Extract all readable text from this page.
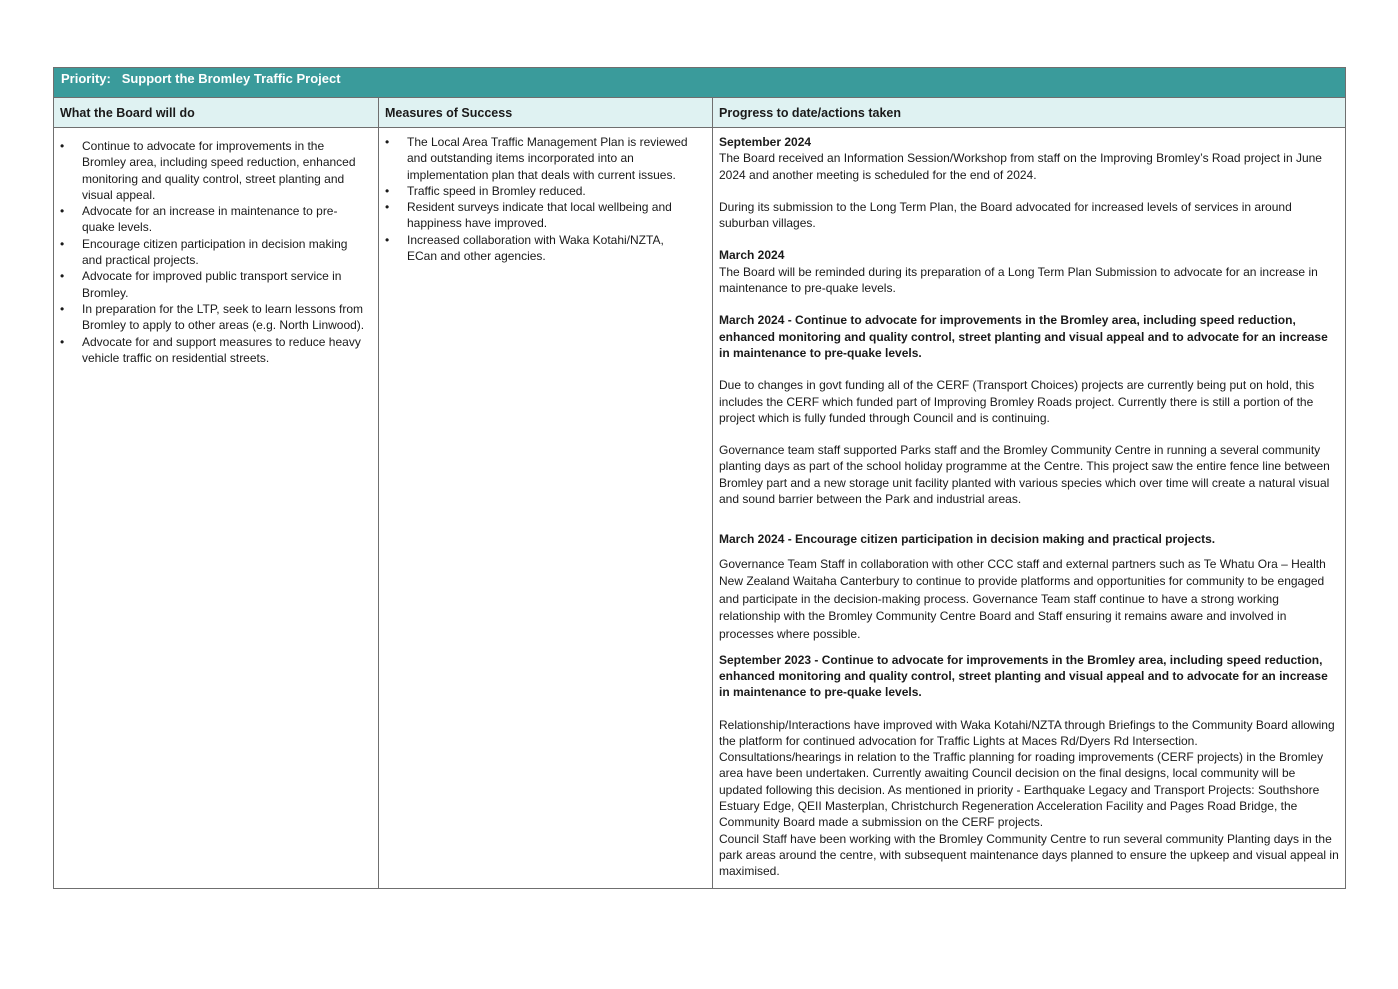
Priority: Support the Bromley Traffic Project
What the Board will do	Measures of Success	Progress to date/actions taken
• Continue to advocate for improvements in the Bromley area, including speed reduction, enhanced monitoring and quality control, street planting and visual appeal.
• Advocate for an increase in maintenance to pre-quake levels.
• Encourage citizen participation in decision making and practical projects.
• Advocate for improved public transport service in Bromley.
• In preparation for the LTP, seek to learn lessons from Bromley to apply to other areas (e.g. North Linwood).
• Advocate for and support measures to reduce heavy vehicle traffic on residential streets.
• The Local Area Traffic Management Plan is reviewed and outstanding items incorporated into an implementation plan that deals with current issues.
• Traffic speed in Bromley reduced.
• Resident surveys indicate that local wellbeing and happiness have improved.
• Increased collaboration with Waka Kotahi/NZTA, ECan and other agencies.

September 2024
The Board received an Information Session/Workshop from staff on the Improving Bromley’s Road project in June 2024 and another meeting is scheduled for the end of 2024.

During its submission to the Long Term Plan, the Board advocated for increased levels of services in around suburban villages.

March 2024
The Board will be reminded during its preparation of a Long Term Plan Submission to advocate for an increase in maintenance to pre-quake levels.

March 2024 - Continue to advocate for improvements in the Bromley area, including speed reduction, enhanced monitoring and quality control, street planting and visual appeal and to advocate for an increase in maintenance to pre-quake levels.

Due to changes in govt funding all of the CERF (Transport Choices) projects are currently being put on hold, this includes the CERF which funded part of Improving Bromley Roads project. Currently there is still a portion of the project which is fully funded through Council and is continuing.

Governance team staff supported Parks staff and the Bromley Community Centre in running a several community planting days as part of the school holiday programme at the Centre. This project saw the entire fence line between Bromley part and a new storage unit facility planted with various species which over time will create a natural visual and sound barrier between the Park and industrial areas.

March 2024 - Encourage citizen participation in decision making and practical projects.

Governance Team Staff in collaboration with other CCC staff and external partners such as Te Whatu Ora – Health New Zealand Waitaha Canterbury to continue to provide platforms and opportunities for community to be engaged and participate in the decision-making process. Governance Team staff continue to have a strong working relationship with the Bromley Community Centre Board and Staff ensuring it remains aware and involved in processes where possible.

September 2023 - Continue to advocate for improvements in the Bromley area, including speed reduction, enhanced monitoring and quality control, street planting and visual appeal and to advocate for an increase in maintenance to pre-quake levels.

Relationship/Interactions have improved with Waka Kotahi/NZTA through Briefings to the Community Board allowing the platform for continued advocation for Traffic Lights at Maces Rd/Dyers Rd Intersection.
Consultations/hearings in relation to the Traffic planning for roading improvements (CERF projects) in the Bromley area have been undertaken. Currently awaiting Council decision on the final designs, local community will be updated following this decision. As mentioned in priority - Earthquake Legacy and Transport Projects: Southshore Estuary Edge, QEII Masterplan, Christchurch Regeneration Acceleration Facility and Pages Road Bridge, the Community Board made a submission on the CERF projects.
Council Staff have been working with the Bromley Community Centre to run several community Planting days in the park areas around the centre, with subsequent maintenance days planned to ensure the upkeep and visual appeal in maximised.
